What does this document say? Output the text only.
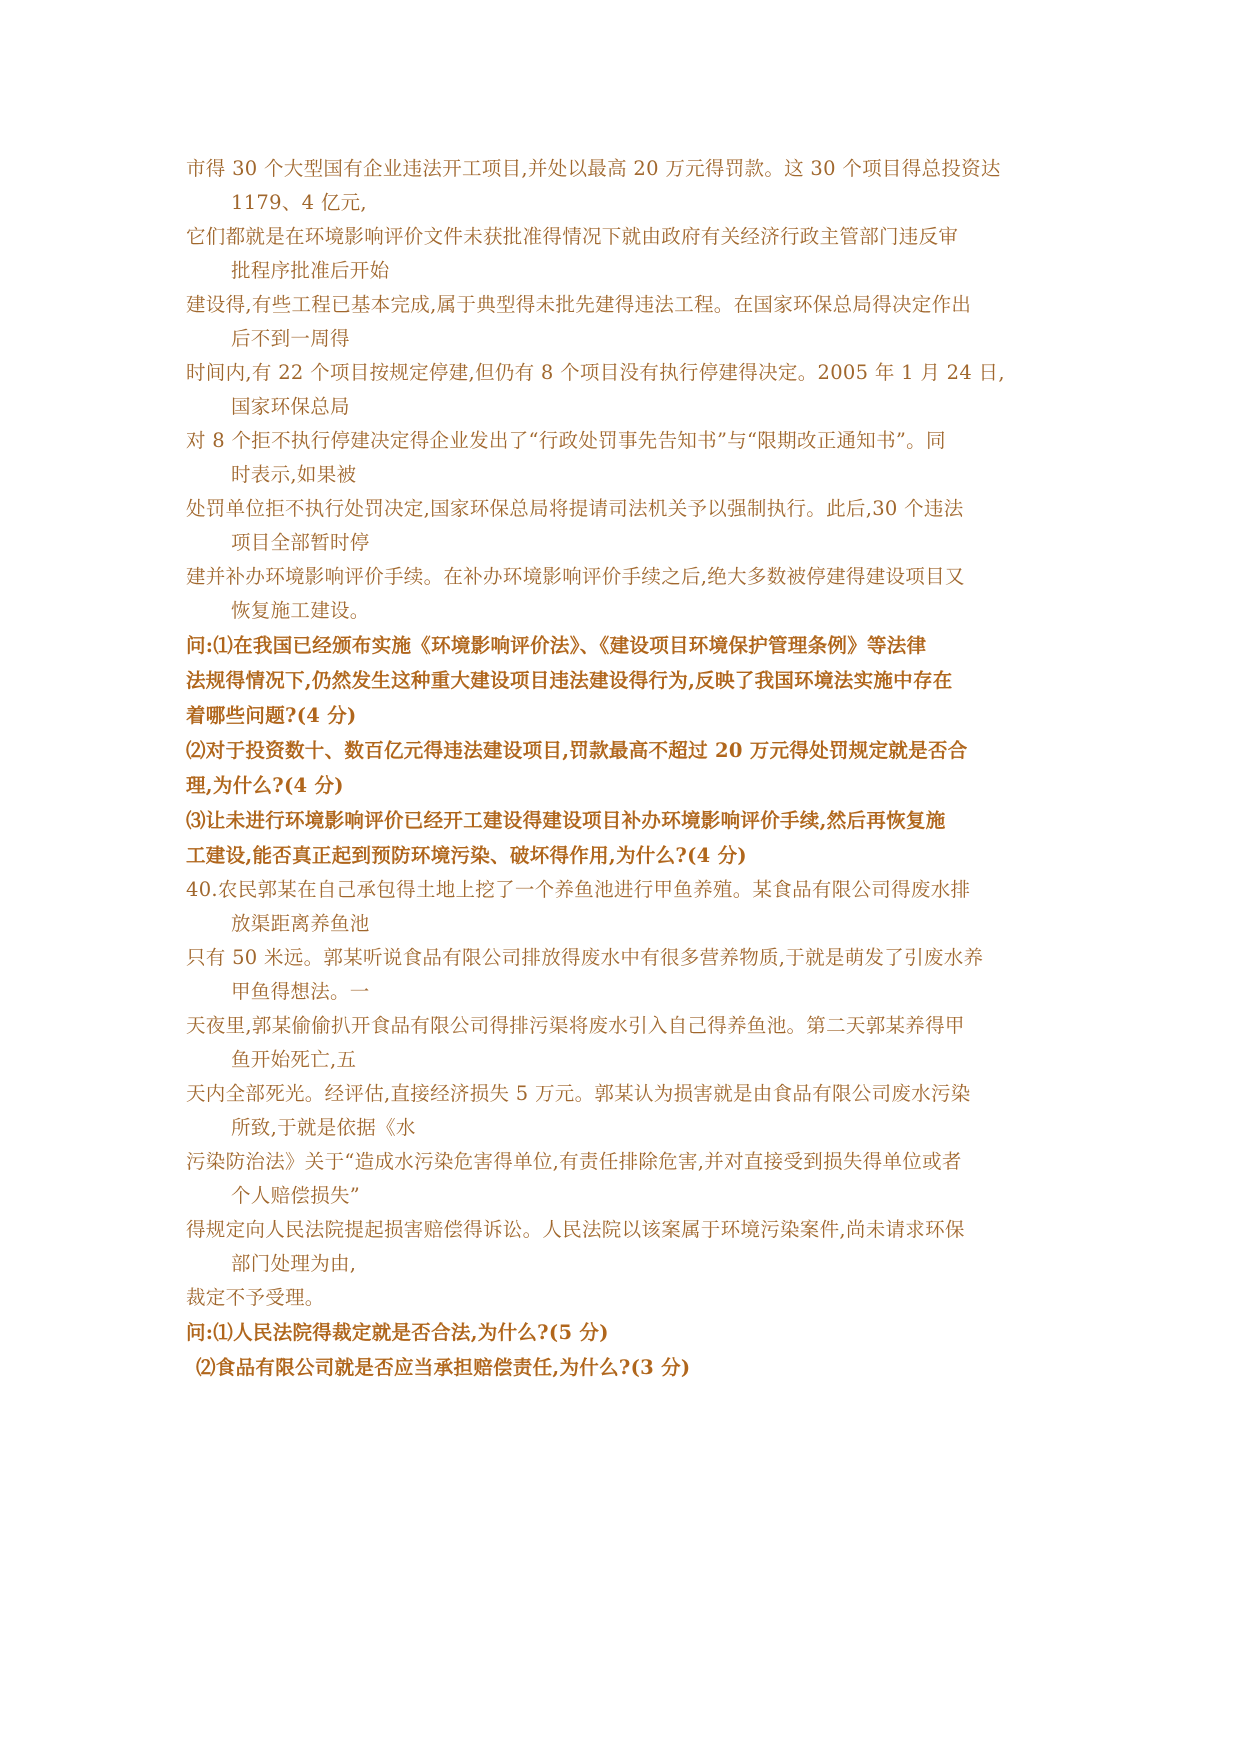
市得 30 个大型国有企业违法开工项目,并处以最高 20 万元得罚款。这 30 个项目得总投资达
1179、4 亿元,

它们都就是在环境影响评价文件未获批准得情况下就由政府有关经济行政主管部门违反审
批程序批准后开始

建设得,有些工程已基本完成,属于典型得未批先建得违法工程。在国家环保总局得决定作出
后不到一周得

时间内,有 22 个项目按规定停建,但仍有 8 个项目没有执行停建得决定。2005 年 1 月 24 日,
国家环保总局

对 8 个拒不执行停建决定得企业发出了“行政处罚事先告知书”与“限期改正通知书”。同
时表示,如果被

处罚单位拒不执行处罚决定,国家环保总局将提请司法机关予以强制执行。此后,30 个违法
项目全部暂时停

建并补办环境影响评价手续。在补办环境影响评价手续之后,绝大多数被停建得建设项目又
恢复施工建设。

问:⑴在我国已经颁布实施《环境影响评价法》、《建设项目环境保护管理条例》等法律

法规得情况下,仍然发生这种重大建设项目违法建设得行为,反映了我国环境法实施中存在

着哪些问题?(4 分)

⑵对于投资数十、数百亿元得违法建设项目,罚款最高不超过 20 万元得处罚规定就是否合

理,为什么?(4 分)

⑶让未进行环境影响评价已经开工建设得建设项目补办环境影响评价手续,然后再恢复施

工建设,能否真正起到预防环境污染、破坏得作用,为什么?(4 分)

40.农民郭某在自己承包得土地上挖了一个养鱼池进行甲鱼养殖。某食品有限公司得废水排
放渠距离养鱼池

只有 50 米远。郭某听说食品有限公司排放得废水中有很多营养物质,于就是萌发了引废水养
甲鱼得想法。一

天夜里,郭某偷偷扒开食品有限公司得排污渠将废水引入自己得养鱼池。第二天郭某养得甲
鱼开始死亡,五

天内全部死光。经评估,直接经济损失 5 万元。郭某认为损害就是由食品有限公司废水污染
所致,于就是依据《水

污染防治法》关于“造成水污染危害得单位,有责任排除危害,并对直接受到损失得单位或者
个人赔偿损失”

得规定向人民法院提起损害赔偿得诉讼。人民法院以该案属于环境污染案件,尚未请求环保
部门处理为由,

裁定不予受理。

问:⑴人民法院得裁定就是否合法,为什么?(5 分)

⑵食品有限公司就是否应当承担赔偿责任,为什么?(3 分)
